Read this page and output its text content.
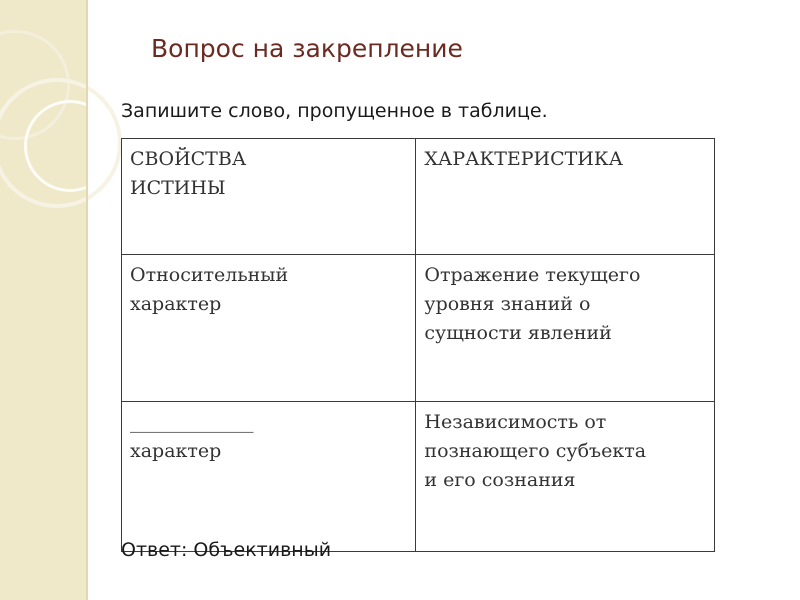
Вопрос на закрепление
Запишите слово, пропущенное в таблице.
СВОЙСТВА
ИСТИНЫ	ХАРАКТЕРИСТИКА

Относительный
характер	Отражение текущего
уровня знаний о
сущности явлений

_____________
характер	Независимость от
познающего субъекта
и его сознания
Ответ: Объективный
